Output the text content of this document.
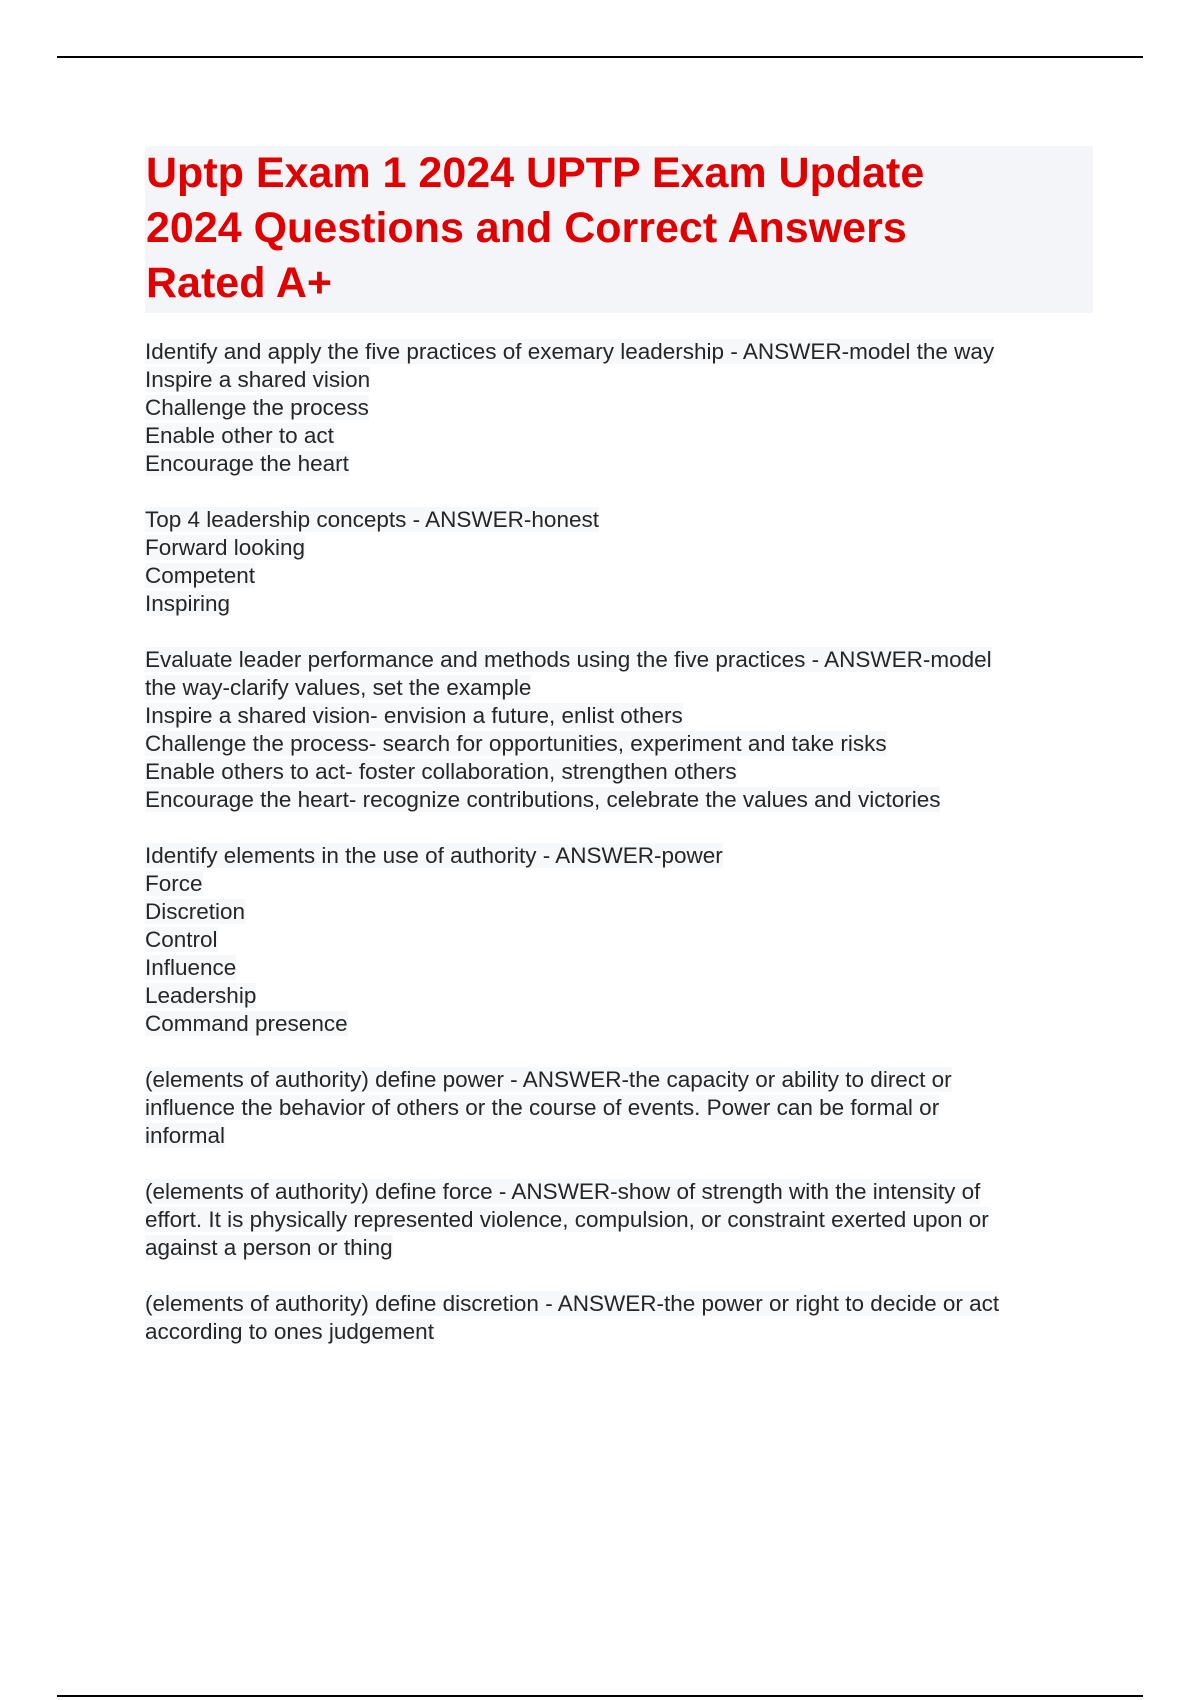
Uptp Exam 1 2024 UPTP Exam Update
2024 Questions and Correct Answers
Rated A+
Identify and apply the five practices of exemary leadership - ANSWER-model the way
Inspire a shared vision
Challenge the process
Enable other to act
Encourage the heart
Top 4 leadership concepts - ANSWER-honest
Forward looking
Competent
Inspiring
Evaluate leader performance and methods using the five practices - ANSWER-model
the way-clarify values, set the example
Inspire a shared vision- envision a future, enlist others
Challenge the process- search for opportunities, experiment and take risks
Enable others to act- foster collaboration, strengthen others
Encourage the heart- recognize contributions, celebrate the values and victories
Identify elements in the use of authority - ANSWER-power
Force
Discretion
Control
Influence
Leadership
Command presence
(elements of authority) define power - ANSWER-the capacity or ability to direct or
influence the behavior of others or the course of events. Power can be formal or
informal
(elements of authority) define force - ANSWER-show of strength with the intensity of
effort. It is physically represented violence, compulsion, or constraint exerted upon or
against a person or thing
(elements of authority) define discretion - ANSWER-the power or right to decide or act
according to ones judgement
